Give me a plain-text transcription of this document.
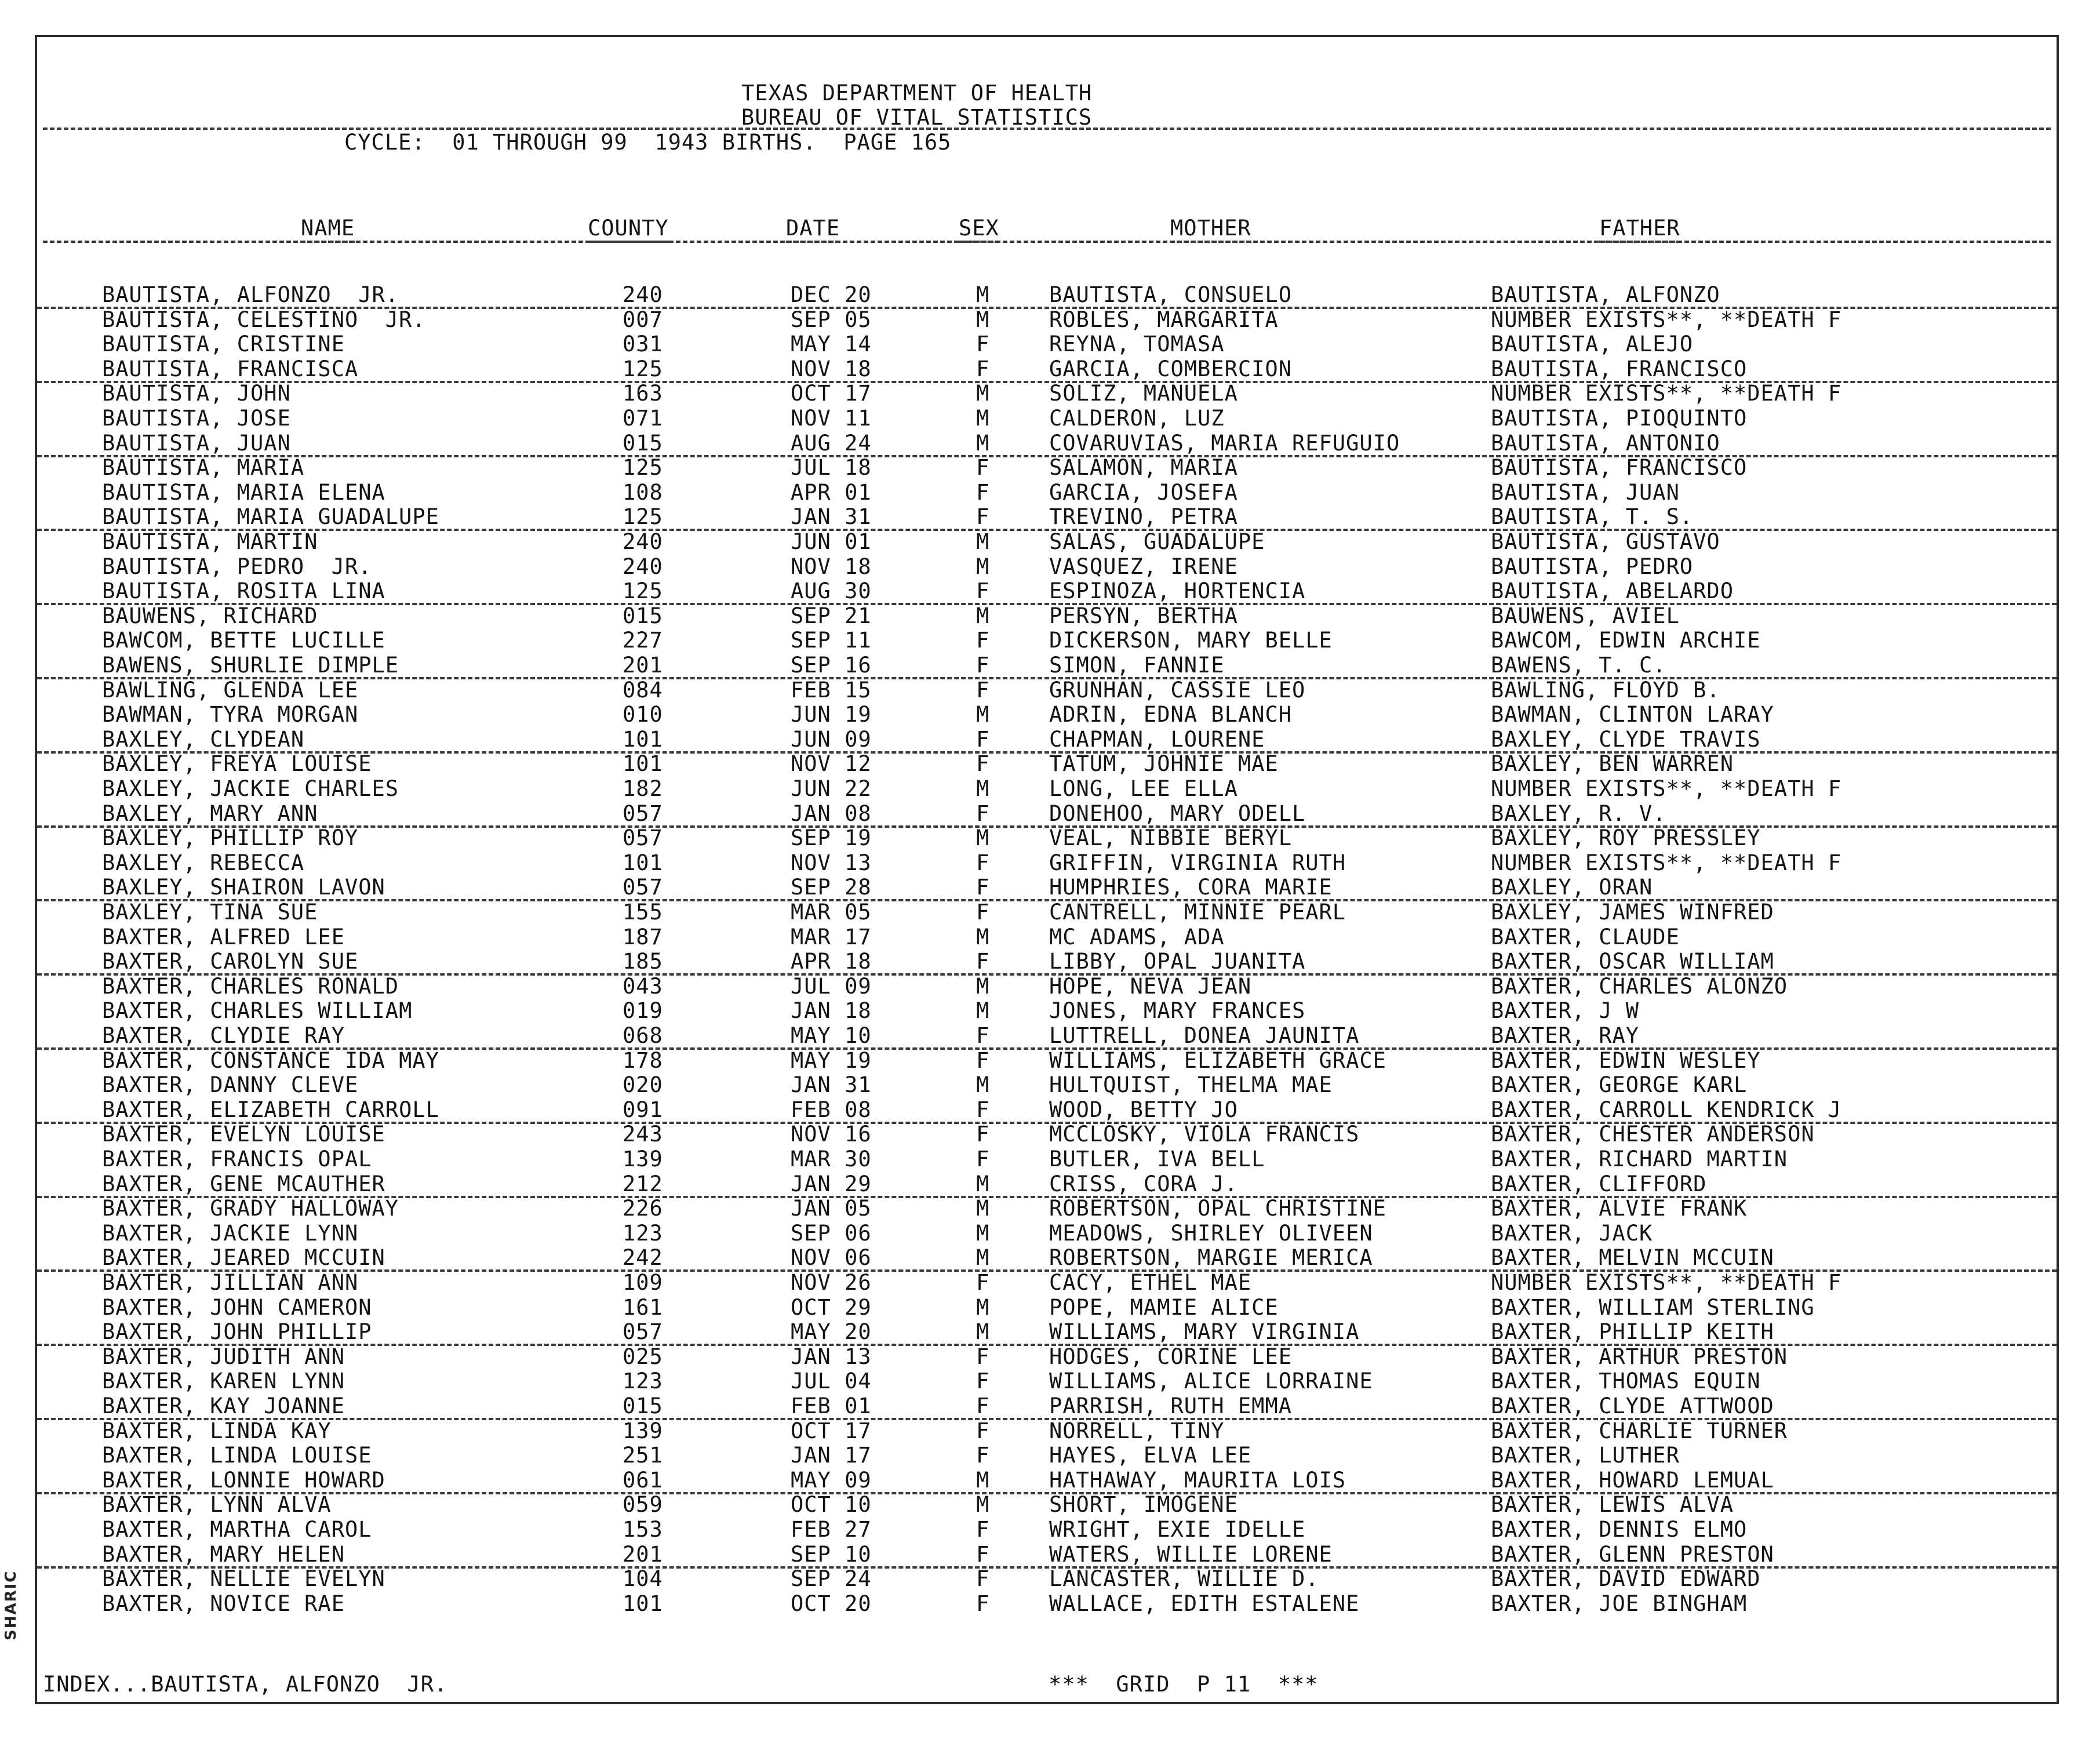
TEXAS DEPARTMENT OF HEALTH
BUREAU OF VITAL STATISTICS
CYCLE:  01 THROUGH 99  1943 BIRTHS.  PAGE 165
NAME	COUNTY	DATE	SEX	MOTHER	FATHER
BAUTISTA, ALFONZO  JR.	240	DEC 20	M	BAUTISTA, CONSUELO	BAUTISTA, ALFONZO
BAUTISTA, CELESTINO  JR.	007	SEP 05	M	ROBLES, MARGARITA	NUMBER EXISTS**, **DEATH F
BAUTISTA, CRISTINE	031	MAY 14	F	REYNA, TOMASA	BAUTISTA, ALEJO
BAUTISTA, FRANCISCA	125	NOV 18	F	GARCIA, COMBERCION	BAUTISTA, FRANCISCO
BAUTISTA, JOHN	163	OCT 17	M	SOLIZ, MANUELA	NUMBER EXISTS**, **DEATH F
BAUTISTA, JOSE	071	NOV 11	M	CALDERON, LUZ	BAUTISTA, PIOQUINTO
BAUTISTA, JUAN	015	AUG 24	M	COVARUVIAS, MARIA REFUGUIO	BAUTISTA, ANTONIO
BAUTISTA, MARIA	125	JUL 18	F	SALAMON, MARIA	BAUTISTA, FRANCISCO
BAUTISTA, MARIA ELENA	108	APR 01	F	GARCIA, JOSEFA	BAUTISTA, JUAN
BAUTISTA, MARIA GUADALUPE	125	JAN 31	F	TREVINO, PETRA	BAUTISTA, T. S.
BAUTISTA, MARTIN	240	JUN 01	M	SALAS, GUADALUPE	BAUTISTA, GUSTAVO
BAUTISTA, PEDRO  JR.	240	NOV 18	M	VASQUEZ, IRENE	BAUTISTA, PEDRO
BAUTISTA, ROSITA LINA	125	AUG 30	F	ESPINOZA, HORTENCIA	BAUTISTA, ABELARDO
BAUWENS, RICHARD	015	SEP 21	M	PERSYN, BERTHA	BAUWENS, AVIEL
BAWCOM, BETTE LUCILLE	227	SEP 11	F	DICKERSON, MARY BELLE	BAWCOM, EDWIN ARCHIE
BAWENS, SHURLIE DIMPLE	201	SEP 16	F	SIMON, FANNIE	BAWENS, T. C.
BAWLING, GLENDA LEE	084	FEB 15	F	GRUNHAN, CASSIE LEO	BAWLING, FLOYD B.
BAWMAN, TYRA MORGAN	010	JUN 19	M	ADRIN, EDNA BLANCH	BAWMAN, CLINTON LARAY
BAXLEY, CLYDEAN	101	JUN 09	F	CHAPMAN, LOURENE	BAXLEY, CLYDE TRAVIS
BAXLEY, FREYA LOUISE	101	NOV 12	F	TATUM, JOHNIE MAE	BAXLEY, BEN WARREN
BAXLEY, JACKIE CHARLES	182	JUN 22	M	LONG, LEE ELLA	NUMBER EXISTS**, **DEATH F
BAXLEY, MARY ANN	057	JAN 08	F	DONEHOO, MARY ODELL	BAXLEY, R. V.
BAXLEY, PHILLIP ROY	057	SEP 19	M	VEAL, NIBBIE BERYL	BAXLEY, ROY PRESSLEY
BAXLEY, REBECCA	101	NOV 13	F	GRIFFIN, VIRGINIA RUTH	NUMBER EXISTS**, **DEATH F
BAXLEY, SHAIRON LAVON	057	SEP 28	F	HUMPHRIES, CORA MARIE	BAXLEY, ORAN
BAXLEY, TINA SUE	155	MAR 05	F	CANTRELL, MINNIE PEARL	BAXLEY, JAMES WINFRED
BAXTER, ALFRED LEE	187	MAR 17	M	MC ADAMS, ADA	BAXTER, CLAUDE
BAXTER, CAROLYN SUE	185	APR 18	F	LIBBY, OPAL JUANITA	BAXTER, OSCAR WILLIAM
BAXTER, CHARLES RONALD	043	JUL 09	M	HOPE, NEVA JEAN	BAXTER, CHARLES ALONZO
BAXTER, CHARLES WILLIAM	019	JAN 18	M	JONES, MARY FRANCES	BAXTER, J W
BAXTER, CLYDIE RAY	068	MAY 10	F	LUTTRELL, DONEA JAUNITA	BAXTER, RAY
BAXTER, CONSTANCE IDA MAY	178	MAY 19	F	WILLIAMS, ELIZABETH GRACE	BAXTER, EDWIN WESLEY
BAXTER, DANNY CLEVE	020	JAN 31	M	HULTQUIST, THELMA MAE	BAXTER, GEORGE KARL
BAXTER, ELIZABETH CARROLL	091	FEB 08	F	WOOD, BETTY JO	BAXTER, CARROLL KENDRICK J
BAXTER, EVELYN LOUISE	243	NOV 16	F	MCCLOSKY, VIOLA FRANCIS	BAXTER, CHESTER ANDERSON
BAXTER, FRANCIS OPAL	139	MAR 30	F	BUTLER, IVA BELL	BAXTER, RICHARD MARTIN
BAXTER, GENE MCAUTHER	212	JAN 29	M	CRISS, CORA J.	BAXTER, CLIFFORD
BAXTER, GRADY HALLOWAY	226	JAN 05	M	ROBERTSON, OPAL CHRISTINE	BAXTER, ALVIE FRANK
BAXTER, JACKIE LYNN	123	SEP 06	M	MEADOWS, SHIRLEY OLIVEEN	BAXTER, JACK
BAXTER, JEARED MCCUIN	242	NOV 06	M	ROBERTSON, MARGIE MERICA	BAXTER, MELVIN MCCUIN
BAXTER, JILLIAN ANN	109	NOV 26	F	CACY, ETHEL MAE	NUMBER EXISTS**, **DEATH F
BAXTER, JOHN CAMERON	161	OCT 29	M	POPE, MAMIE ALICE	BAXTER, WILLIAM STERLING
BAXTER, JOHN PHILLIP	057	MAY 20	M	WILLIAMS, MARY VIRGINIA	BAXTER, PHILLIP KEITH
BAXTER, JUDITH ANN	025	JAN 13	F	HODGES, CORINE LEE	BAXTER, ARTHUR PRESTON
BAXTER, KAREN LYNN	123	JUL 04	F	WILLIAMS, ALICE LORRAINE	BAXTER, THOMAS EQUIN
BAXTER, KAY JOANNE	015	FEB 01	F	PARRISH, RUTH EMMA	BAXTER, CLYDE ATTWOOD
BAXTER, LINDA KAY	139	OCT 17	F	NORRELL, TINY	BAXTER, CHARLIE TURNER
BAXTER, LINDA LOUISE	251	JAN 17	F	HAYES, ELVA LEE	BAXTER, LUTHER
BAXTER, LONNIE HOWARD	061	MAY 09	M	HATHAWAY, MAURITA LOIS	BAXTER, HOWARD LEMUAL
BAXTER, LYNN ALVA	059	OCT 10	M	SHORT, IMOGENE	BAXTER, LEWIS ALVA
BAXTER, MARTHA CAROL	153	FEB 27	F	WRIGHT, EXIE IDELLE	BAXTER, DENNIS ELMO
BAXTER, MARY HELEN	201	SEP 10	F	WATERS, WILLIE LORENE	BAXTER, GLENN PRESTON
BAXTER, NELLIE EVELYN	104	SEP 24	F	LANCASTER, WILLIE D.	BAXTER, DAVID EDWARD
BAXTER, NOVICE RAE	101	OCT 20	F	WALLACE, EDITH ESTALENE	BAXTER, JOE BINGHAM
INDEX...BAUTISTA, ALFONZO  JR.	***  GRID  P 11  ***
SHARIC
